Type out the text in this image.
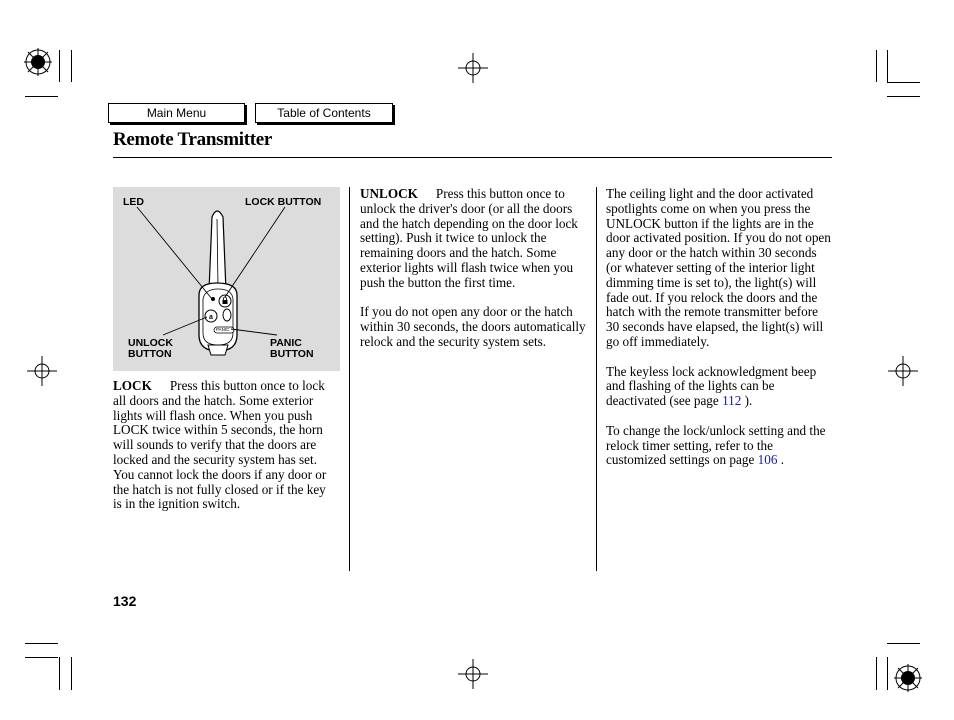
Main Menu	Table of Contents
Remote Transmitter
a
PANIC
LED	LOCK BUTTON
UNLOCK
BUTTON
PANIC
BUTTON

LOCK Press this button once to lock all doors and the hatch. Some exterior lights will flash once. When you push LOCK twice within 5 seconds, the horn will sounds to verify that the doors are locked and the security system has set. You cannot lock the doors if any door or the hatch is not fully closed or if the key is in the ignition switch.

UNLOCK Press this button once to unlock the driver's door (or all the doors and the hatch depending on the door lock setting). Push it twice to unlock the remaining doors and the hatch. Some exterior lights will flash twice when you push the button the first time.

If you do not open any door or the hatch within 30 seconds, the doors automatically relock and the security system sets.

The ceiling light and the door activated spotlights come on when you press the UNLOCK button if the lights are in the door activated position. If you do not open any door or the hatch within 30 seconds (or whatever setting of the interior light dimming time is set to), the light(s) will fade out. If you relock the doors and the hatch with the remote transmitter before 30 seconds have elapsed, the light(s) will go off immediately.

The keyless lock acknowledgment beep and flashing of the lights can be deactivated (see page 112 ).

To change the lock/unlock setting and the relock timer setting, refer to the customized settings on page 106 .

132
